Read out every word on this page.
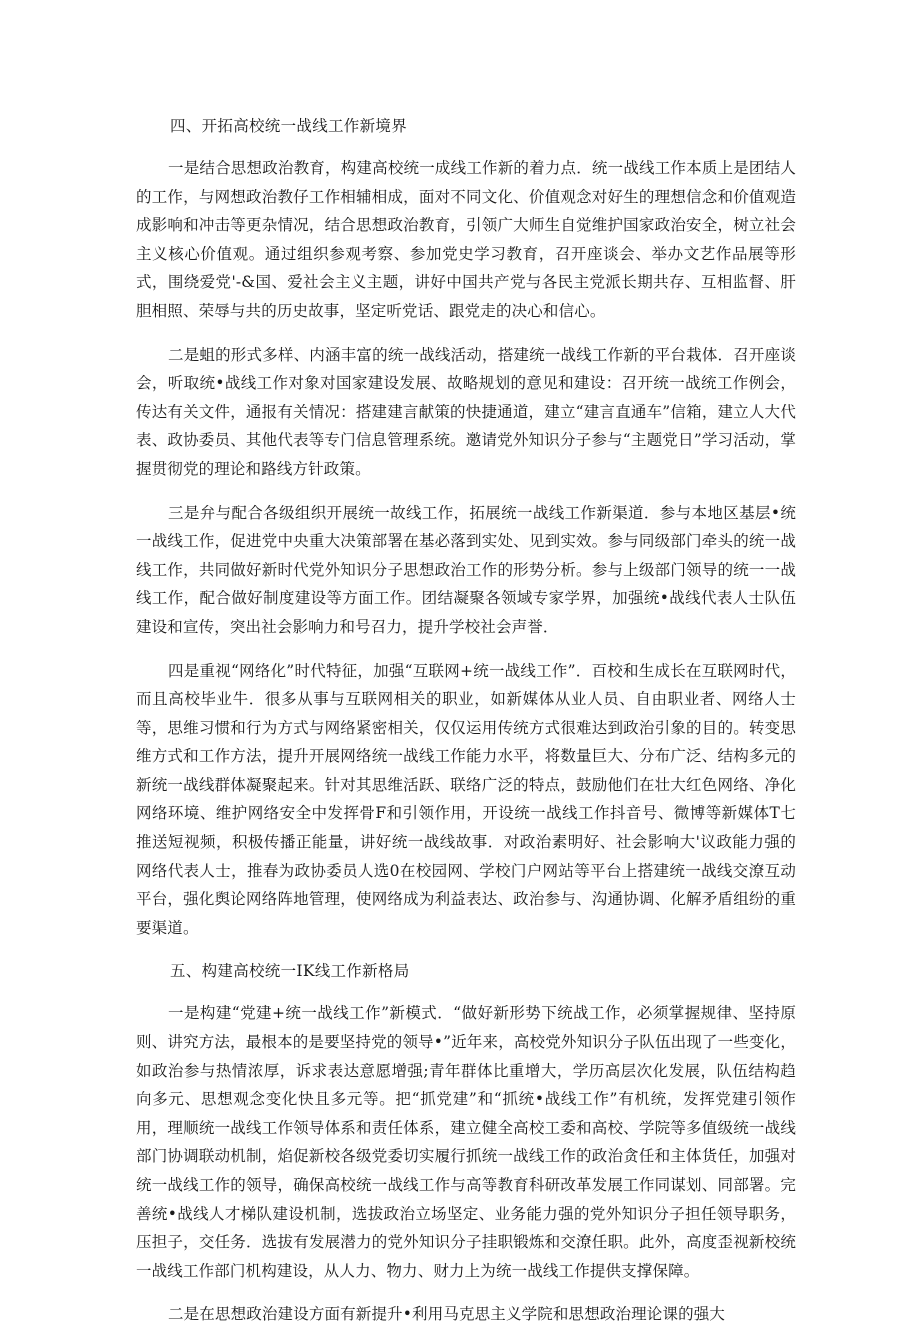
四、开拓高校统一战线工作新境界

一是结合思想政治教育，构建高校统一成线工作新的着力点．统一战线工作本质上是团结人的工作，与网想政治教仔工作相辅相成，面对不同文化、价值观念对好生的理想信念和价值观造成影响和冲击等更杂情况，结合思想政治教育，引领广大师生自觉维护国家政治安全，树立社会主义核心价值观。通过组织参观考察、参加党史学习教育，召开座谈会、举办文艺作品展等形式，围绕爱党'-&国、爱社会主义主题，讲好中国共产党与各民主党派长期共存、互相监督、肝胆相照、荣辱与共的历史故事，坚定听党话、跟党走的决心和信心。

二是蛆的形式多样、内涵丰富的统一战线活动，搭建统一战线工作新的平台栽体．召开座谈会，听取统•战线工作对象对国家建设发展、故略规划的意见和建设：召开统一战统工作例会，传达有关文件，通报有关情况：搭建建言献策的快捷通道，建立“建言直通车”信箱，建立人大代表、政协委员、其他代表等专门信息管理系统。邀请党外知识分子参与“主题党日”学习活动，掌握贯彻党的理论和路线方针政策。

三是弁与配合各级组织开展统一故线工作，拓展统一战线工作新渠道．参与本地区基层•统一战线工作，促进党中央重大决策部署在基必落到实处、见到实效。参与同级部门牵头的统一战线工作，共同做好新时代党外知识分子思想政治工作的形势分析。参与上级部门领导的统一一战线工作，配合做好制度建设等方面工作。团结凝聚各领域专家学界，加强统•战线代表人士队伍建设和宣传，突出社会影响力和号召力，提升学校社会声誉．

四是重视“网络化”时代特征，加强“互联网+统一战线工作”．百校和生成长在互联网时代，而且高校毕业牛．很多从事与互联网相关的职业，如新媒体从业人员、自由职业者、网络人士等，思维习惯和行为方式与网络紧密相关，仅仅运用传统方式很难达到政治引象的目的。转变思维方式和工作方法，提升开展网络统一战线工作能力水平，将数量巨大、分布广泛、结构多元的新统一战线群体凝聚起来。针对其思维活跃、联络广泛的特点，鼓励他们在壮大红色网络、净化网络环境、维护网络安全中发挥骨F和引领作用，开设统一战线工作抖音号、微博等新媒体T七推送短视频，积极传播正能量，讲好统一战线故事．对政治素明好、社会影响大'议政能力强的网络代表人士，推春为政协委员人选0在校园网、学校门户网站等平台上搭建统一战线交潦互动平台，强化舆论网络阵地管理，使网络成为利益表达、政治参与、沟通协调、化解矛盾组纷的重要渠道。

五、构建高校统一IK线工作新格局

一是构建“党建+统一战线工作”新模式．“做好新形势下统战工作，必须掌握规律、坚持原则、讲究方法，最根本的是要坚持党的领导•”近年来，高校党外知识分子队伍出现了一些变化，如政治参与热情浓厚，诉求表达意愿增强;青年群体比重增大，学历高层次化发展，队伍结构趋向多元、思想观念变化快且多元等。把“抓党建”和“抓统•战线工作”有机统，发挥党建引领作用，理顺统一战线工作领导体系和责任体系，建立健全高校工委和高校、学院等多值级统一战线部门协调联动机制，焰促新校各级党委切实履行抓统一战线工作的政治贪任和主体货任，加强对统一战线工作的领导，确保高校统一战线工作与高等教育科研改革发展工作同谋划、同部署。完善统•战线人才梯队建设机制，选拔政治立场坚定、业务能力强的党外知识分子担任领导职务，压担子，交任务．选拔有发展潜力的党外知识分子挂职锻炼和交潦任职。此外，高度歪视新校统一战线工作部门机构建设，从人力、物力、财力上为统一战线工作提供支撑保障。

二是在思想政治建设方面有新提升•利用马克思主义学院和思想政治理论课的强大
